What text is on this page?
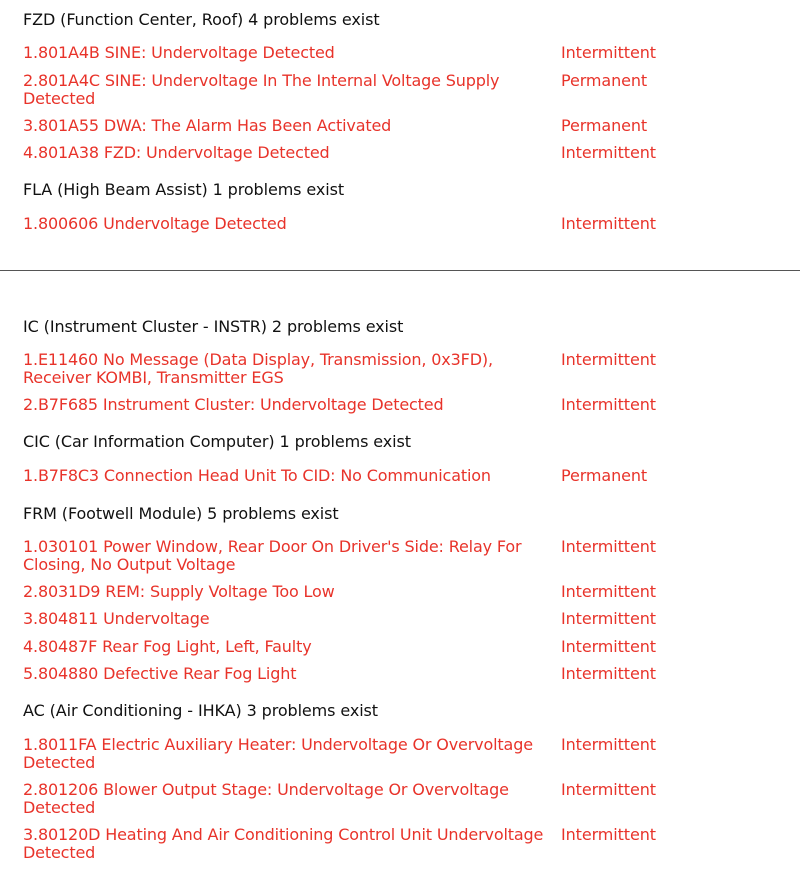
FZD (Function Center, Roof) 4 problems exist
1.801A4B SINE: Undervoltage Detected	Intermittent
2.801A4C SINE: Undervoltage In The Internal Voltage Supply Detected
Permanent
3.801A55 DWA: The Alarm Has Been Activated	Permanent
4.801A38 FZD: Undervoltage Detected	Intermittent
FLA (High Beam Assist) 1 problems exist
1.800606 Undervoltage Detected	Intermittent
IC (Instrument Cluster - INSTR) 2 problems exist
1.E11460 No Message (Data Display, Transmission, 0x3FD), Receiver KOMBI, Transmitter EGS
Intermittent
2.B7F685 Instrument Cluster: Undervoltage Detected	Intermittent
CIC (Car Information Computer) 1 problems exist
1.B7F8C3 Connection Head Unit To CID: No Communication	Permanent
FRM (Footwell Module) 5 problems exist
1.030101 Power Window, Rear Door On Driver's Side: Relay For Closing, No Output Voltage
Intermittent
2.8031D9 REM: Supply Voltage Too Low	Intermittent
3.804811 Undervoltage	Intermittent
4.80487F Rear Fog Light, Left, Faulty	Intermittent
5.804880 Defective Rear Fog Light	Intermittent
AC (Air Conditioning - IHKA) 3 problems exist
1.8011FA Electric Auxiliary Heater: Undervoltage Or Overvoltage Detected
Intermittent
2.801206 Blower Output Stage: Undervoltage Or Overvoltage Detected
Intermittent
3.80120D Heating And Air Conditioning Control Unit Undervoltage Detected
Intermittent
